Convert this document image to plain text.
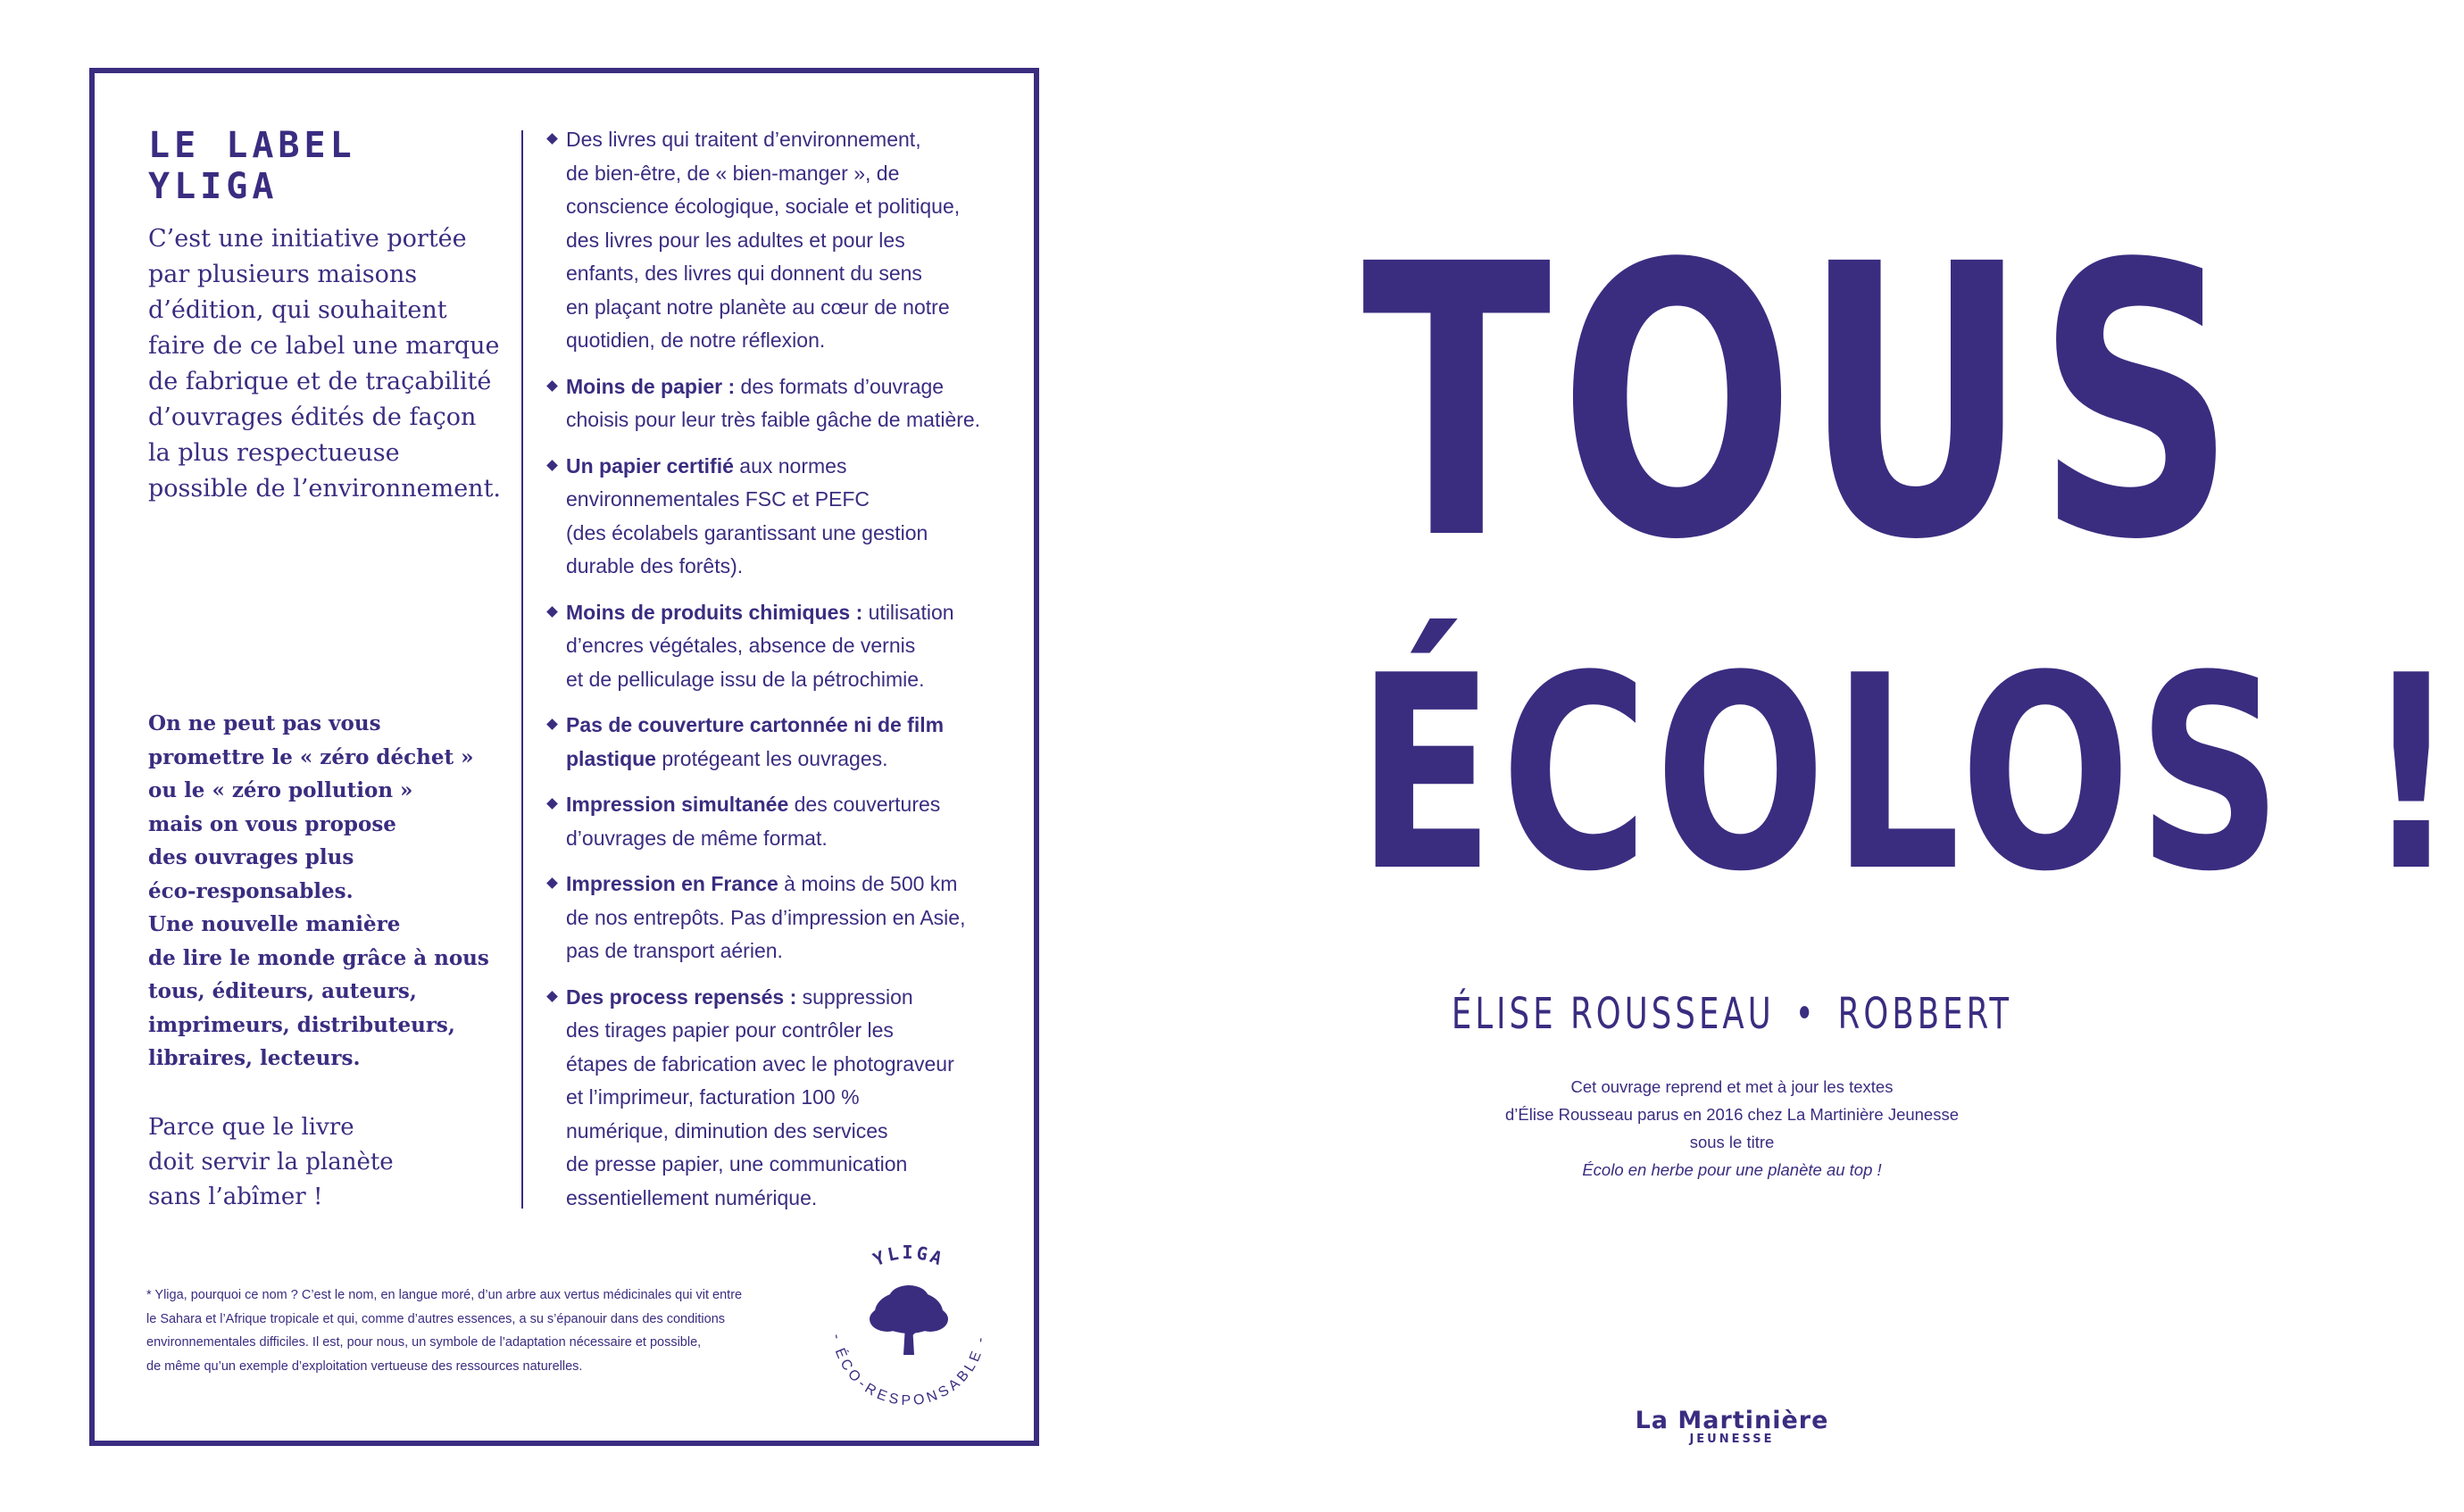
LE LABEL
YLIGA
C’est une initiative portée
par plusieurs maisons
d’édition, qui souhaitent
faire de ce label une marque
de fabrique et de traçabilité
d’ouvrages édités de façon
la plus respectueuse
possible de l’environnement.
On ne peut pas vous
promettre le « zéro déchet »
ou le « zéro pollution »
mais on vous propose
des ouvrages plus
éco-responsables.
Une nouvelle manière
de lire le monde grâce à nous
tous, éditeurs, auteurs,
imprimeurs, distributeurs,
libraires, lecteurs.
Parce que le livre
doit servir la planète
sans l’abîmer !
Des livres qui traitent d’environnement,
de bien-être, de « bien-manger », de
conscience écologique, sociale et politique,
des livres pour les adultes et pour les
enfants, des livres qui donnent du sens
en plaçant notre planète au cœur de notre
quotidien, de notre réflexion.
Moins de papier : des formats d’ouvrage
choisis pour leur très faible gâche de matière.
Un papier certifié aux normes
environnementales FSC et PEFC
(des écolabels garantissant une gestion
durable des forêts).
Moins de produits chimiques : utilisation
d’encres végétales, absence de vernis
et de pelliculage issu de la pétrochimie.
Pas de couverture cartonnée ni de film
plastique protégeant les ouvrages.
Impression simultanée des couvertures
d’ouvrages de même format.
Impression en France à moins de 500 km
de nos entrepôts. Pas d’impression en Asie,
pas de transport aérien.
Des process repensés : suppression
des tirages papier pour contrôler les
étapes de fabrication avec le photograveur
et l’imprimeur, facturation 100 %
numérique, diminution des services
de presse papier, une communication
essentiellement numérique.
* Yliga, pourquoi ce nom ? C’est le nom, en langue moré, d’un arbre aux vertus médicinales qui vit entre
le Sahara et l’Afrique tropicale et qui, comme d’autres essences, a su s’épanouir dans des conditions
environnementales difficiles. Il est, pour nous, un symbole de l’adaptation nécessaire et possible,
de même qu’un exemple d’exploitation vertueuse des ressources naturelles.
YLIGA
- ÉCO-RESPONSABLE -
TOUS
ÉCOLOS !
ÉLISE ROUSSEAU • ROBBERT
Cet ouvrage reprend et met à jour les textes
d’Élise Rousseau parus en 2016 chez La Martinière Jeunesse
sous le titre
Écolo en herbe pour une planète au top !
La Martinière
JEUNESSE
